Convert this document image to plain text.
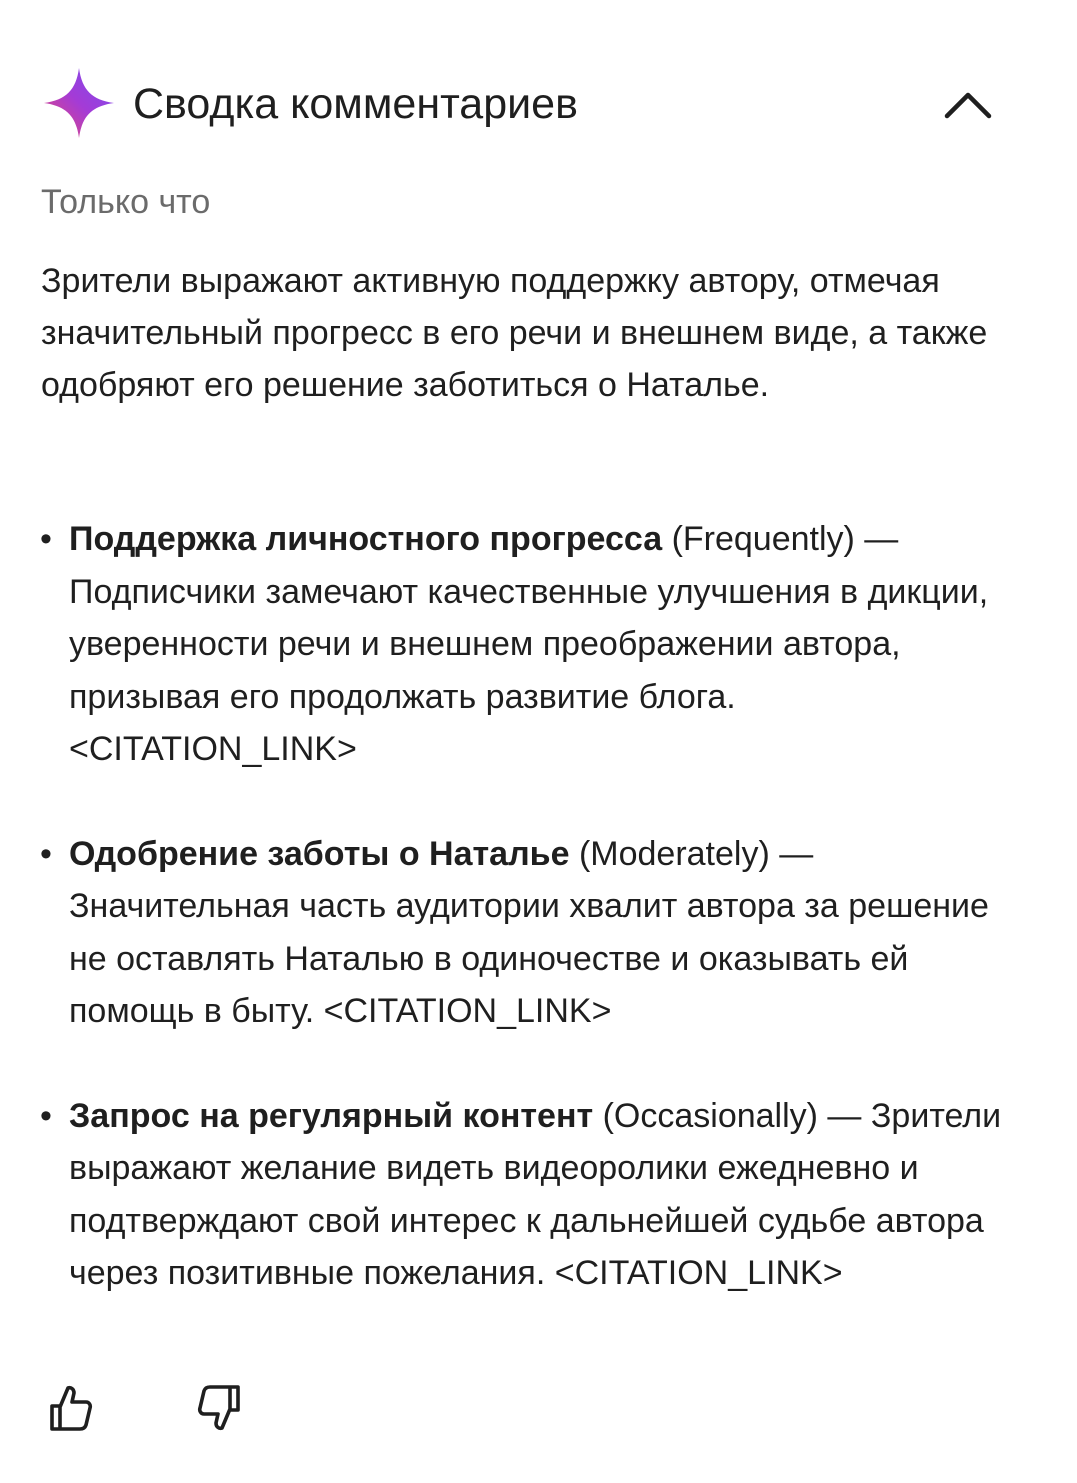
Сводка комментариев
Только что

Зрители выражают активную поддержку автору, отмечая значительный прогресс в его речи и внешнем виде, а также одобряют его решение заботиться о Наталье.

• Поддержка личностного прогресса (Frequently) — Подписчики замечают качественные улучшения в дикции, уверенности речи и внешнем преображении автора, призывая его продолжать развитие блога. <CITATION_LINK>
• Одобрение заботы о Наталье (Moderately) — Значительная часть аудитории хвалит автора за решение не оставлять Наталью в одиночестве и оказывать ей помощь в быту. <CITATION_LINK>
• Запрос на регулярный контент (Occasionally) — Зрители выражают желание видеть видеоролики ежедневно и подтверждают свой интерес к дальнейшей судьбе автора через позитивные пожелания. <CITATION_LINK>
